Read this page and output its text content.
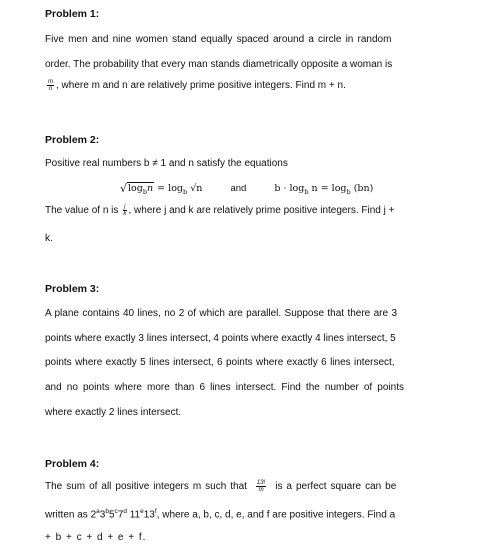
Problem 1:

Five men and nine women stand equally spaced around a circle in random

order. The probability that every man stands diametrically opposite a woman is

$\frac{m}{n}$ , where m and n are relatively prime positive integers. Find m + n.

Problem 2:

Positive real numbers b ≠ 1 and n satisfy the equations

√ $\log_bn = \log_b √n$	and	$b \cdot \log_b n = \log_b (bn)$
The value of n is $\frac{j}{k}$ , where j and k are relatively prime positive integers. Find j +

k.

Problem 3:

A plane contains 40 lines, no 2 of which are parallel. Suppose that there are 3

points where exactly 3 lines intersect, 4 points where exactly 4 lines intersect, 5

points where exactly 5 lines intersect, 6 points where exactly 6 lines intersect,

and no points where more than 6 lines intersect. Find the number of points

where exactly 2 lines intersect.

Problem 4:

The sum of all positive integers m such that $\frac{13!}{m}$ is a perfect square can be
written as 2$^a$3$^b$5$^c$7$^d$ 11e13$^f$, where a, b, c, d, e, and f are positive integers. Find a

+ b + c + d + e + f.
